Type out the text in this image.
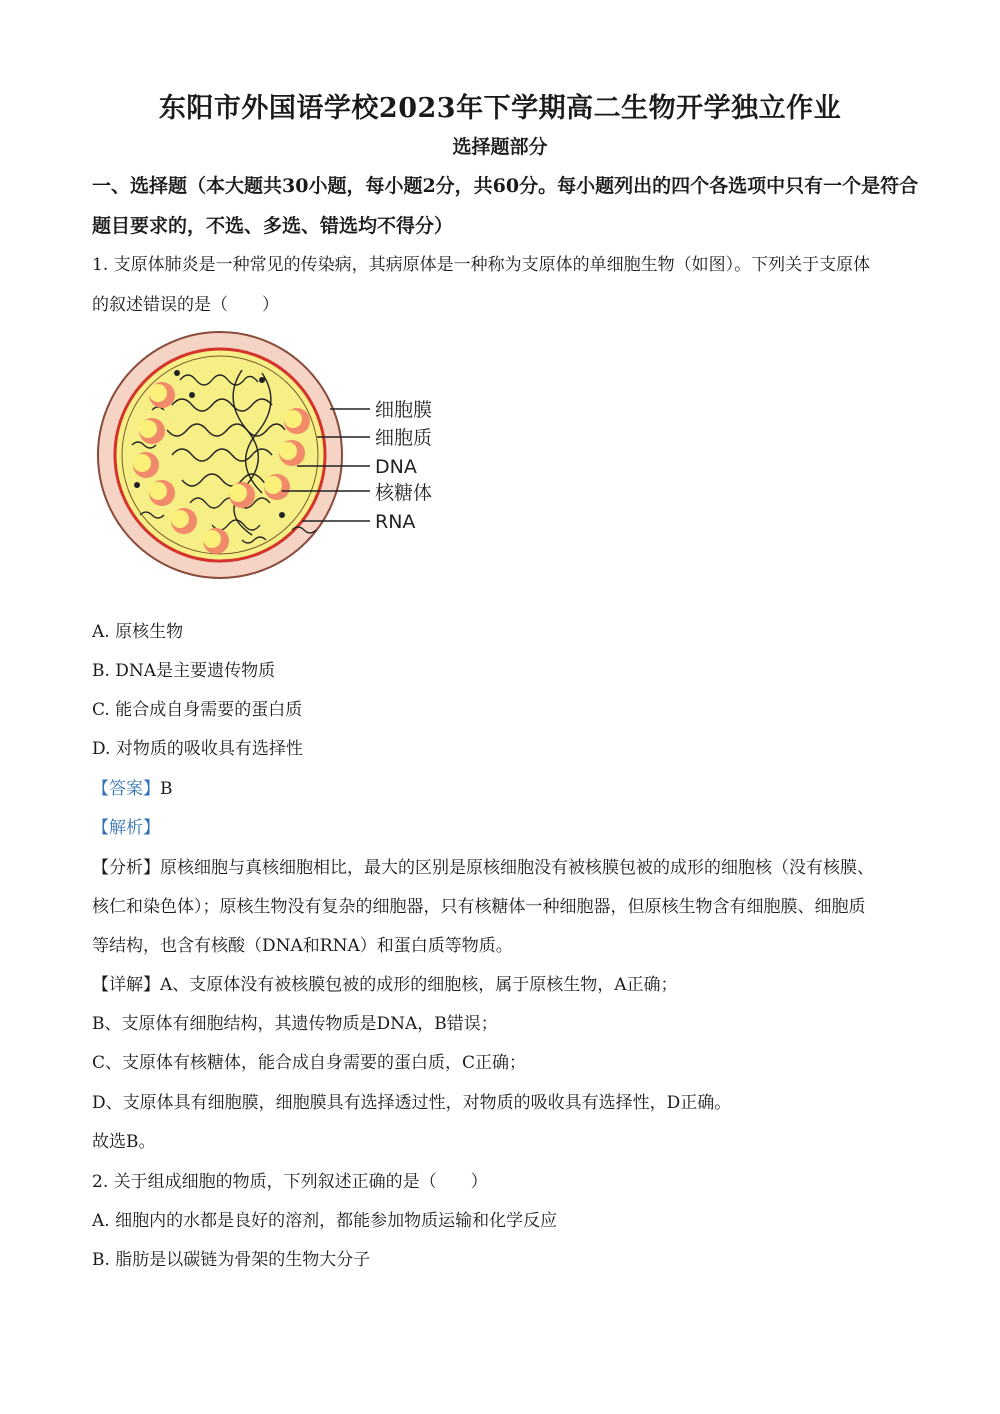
东阳市外国语学校2023年下学期高二生物开学独立作业
选择题部分
一、选择题（本大题共30小题，每小题2分，共60分。每小题列出的四个各选项中只有一个是符合题目要求的，不选、多选、错选均不得分）
1. 支原体肺炎是一种常见的传染病，其病原体是一种称为支原体的单细胞生物（如图）。下列关于支原体
的叙述错误的是（　　）
细胞膜
细胞质
DNA
核糖体
RNA
A. 原核生物
B. DNA是主要遗传物质
C. 能合成自身需要的蛋白质
D. 对物质的吸收具有选择性
【答案】B
【解析】
【分析】原核细胞与真核细胞相比，最大的区别是原核细胞没有被核膜包被的成形的细胞核（没有核膜、
核仁和染色体）；原核生物没有复杂的细胞器，只有核糖体一种细胞器，但原核生物含有细胞膜、细胞质
等结构，也含有核酸（DNA和RNA）和蛋白质等物质。
【详解】A、支原体没有被核膜包被的成形的细胞核，属于原核生物，A正确；
B、支原体有细胞结构，其遗传物质是DNA，B错误；
C、支原体有核糖体，能合成自身需要的蛋白质，C正确；
D、支原体具有细胞膜，细胞膜具有选择透过性，对物质的吸收具有选择性，D正确。
故选B。
2. 关于组成细胞的物质，下列叙述正确的是（　　）
A. 细胞内的水都是良好的溶剂，都能参加物质运输和化学反应
B. 脂肪是以碳链为骨架的生物大分子
